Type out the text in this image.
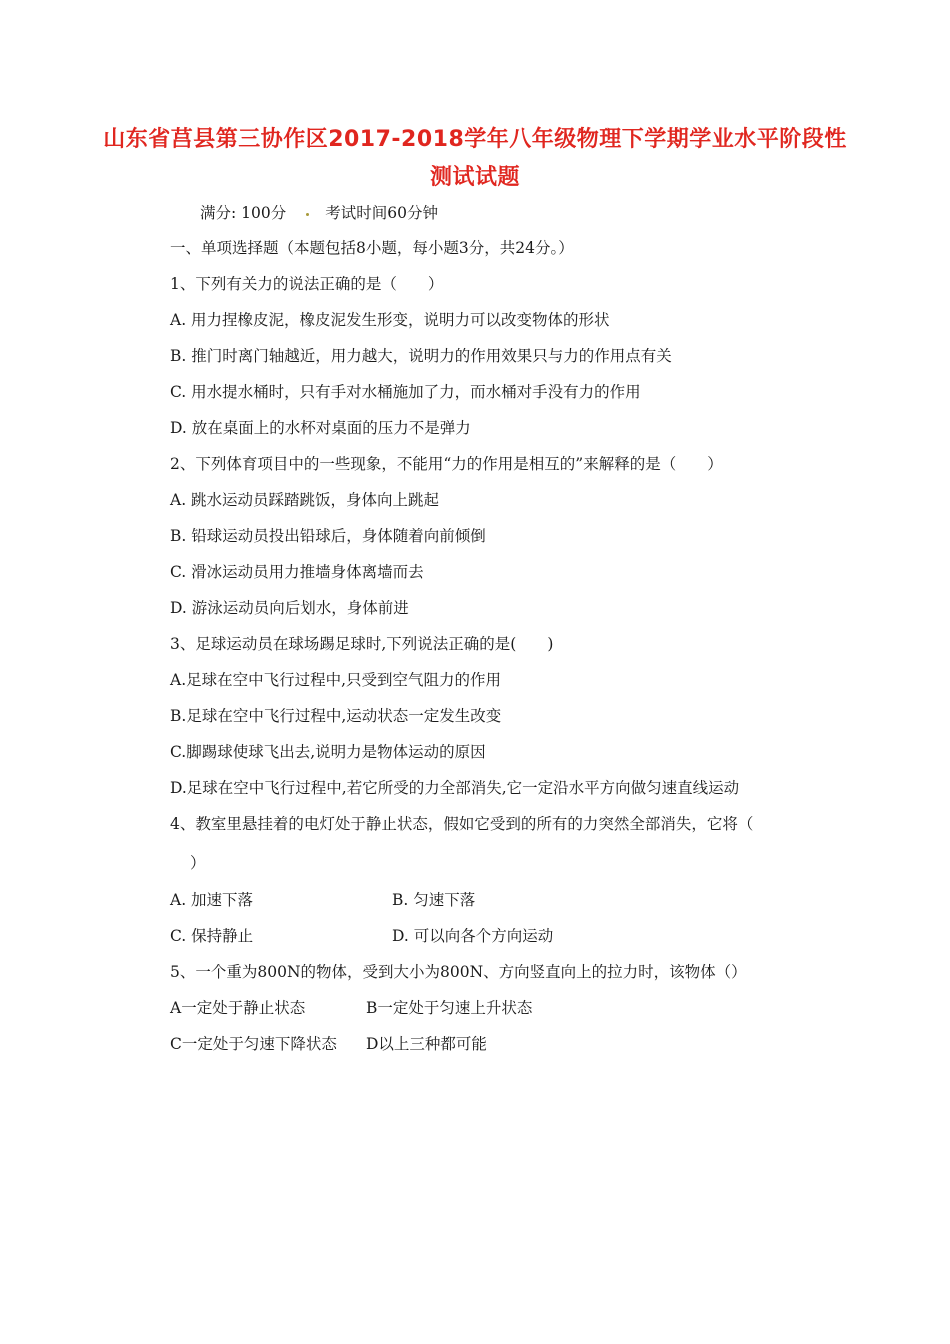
山东省莒县第三协作区2017-2018学年八年级物理下学期学业水平阶段性
测试试题
满分: 100分	考试时间60分钟
一、单项选择题（本题包括8小题，每小题3分，共24分。）
1、下列有关力的说法正确的是（　　）
A. 用力捏橡皮泥，橡皮泥发生形变，说明力可以改变物体的形状
B. 推门时离门轴越近，用力越大，说明力的作用效果只与力的作用点有关
C. 用水提水桶时，只有手对水桶施加了力，而水桶对手没有力的作用
D. 放在桌面上的水杯对桌面的压力不是弹力
2、下列体育项目中的一些现象，不能用“力的作用是相互的”来解释的是（　　）
A. 跳水运动员踩踏跳饭，身体向上跳起
B. 铅球运动员投出铅球后，身体随着向前倾倒
C. 滑冰运动员用力推墙身体离墙而去
D. 游泳运动员向后划水，身体前进
3、足球运动员在球场踢足球时,下列说法正确的是(　　)
A.足球在空中飞行过程中,只受到空气阻力的作用
B.足球在空中飞行过程中,运动状态一定发生改变
C.脚踢球使球飞出去,说明力是物体运动的原因
D.足球在空中飞行过程中,若它所受的力全部消失,它一定沿水平方向做匀速直线运动
4、教室里悬挂着的电灯处于静止状态，假如它受到的所有的力突然全部消失，它将（
）
A. 加速下落	B. 匀速下落
C. 保持静止	D. 可以向各个方向运动
5、一个重为800N的物体，受到大小为800N、方向竖直向上的拉力时，该物体（）
A一定处于静止状态	B一定处于匀速上升状态
C一定处于匀速下降状态 D以上三种都可能
